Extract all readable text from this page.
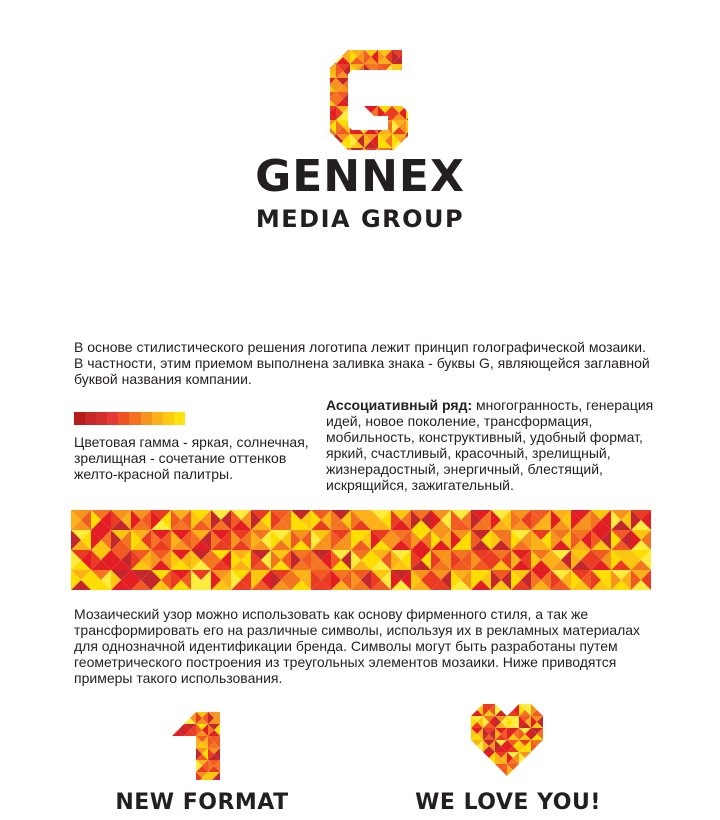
GENNEX
MEDIA GROUP
В основе стилистического решения логотипа лежит принцип голографической мозаики. В частности, этим приемом выполнена заливка знака - буквы G, являющейся заглавной буквой названия компании.
Цветовая гамма - яркая, солнечная, зрелищная - сочетание оттенков желто-красной палитры.
Ассоциативный ряд: многогранность, генерация идей, новое поколение, трансформация, мобильность, конструктивный, удобный формат, яркий, счастливый, красочный, зрелищный, жизнерадостный, энергичный, блестящий, искрящийся, зажигательный.
Мозаический узор можно использовать как основу фирменного стиля, а так же трансформировать его на различные символы, используя их в рекламных материалах для однозначной идентификации бренда. Символы могут быть разработаны путем геометрического построения из треугольных элементов мозаики. Ниже приводятся примеры такого использования.
NEW FORMAT	WE LOVE YOU!
